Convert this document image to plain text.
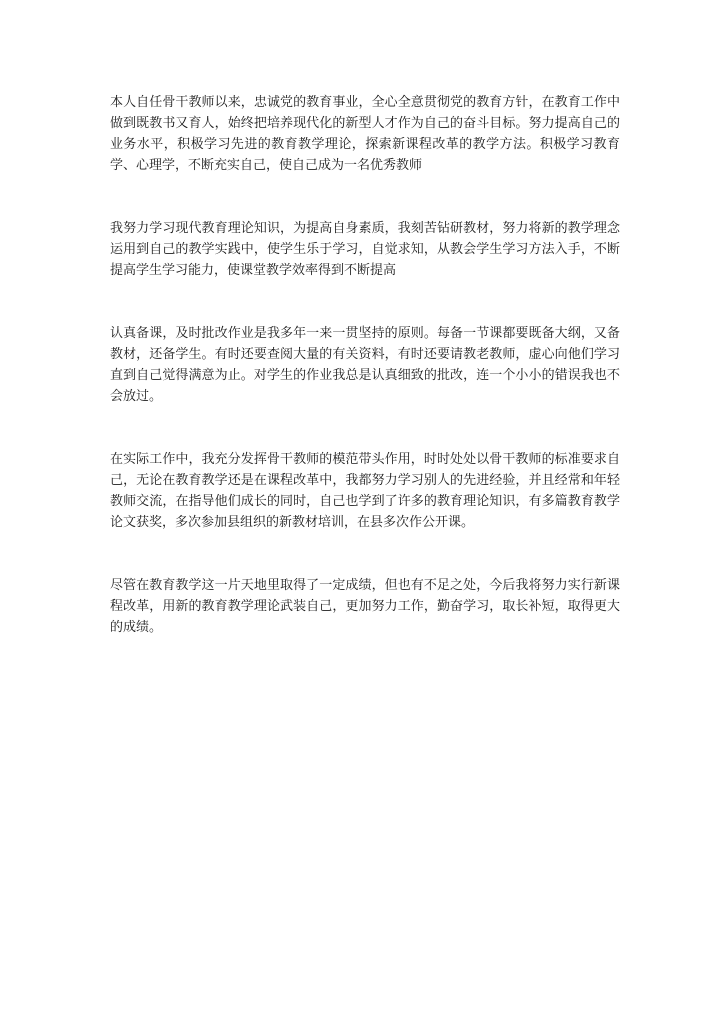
本人自任骨干教师以来，忠诚党的教育事业，全心全意贯彻党的教育方针，在教育工作中做到既教书又育人，始终把培养现代化的新型人才作为自己的奋斗目标。努力提高自己的业务水平，积极学习先进的教育教学理论，探索新课程改革的教学方法。积极学习教育学、心理学，不断充实自己，使自己成为一名优秀教师

我努力学习现代教育理论知识，为提高自身素质，我刻苦钻研教材，努力将新的教学理念运用到自己的教学实践中，使学生乐于学习，自觉求知，从教会学生学习方法入手，不断提高学生学习能力，使课堂教学效率得到不断提高

认真备课，及时批改作业是我多年一来一贯坚持的原则。每备一节课都要既备大纲，又备教材，还备学生。有时还要查阅大量的有关资料，有时还要请教老教师，虚心向他们学习直到自己觉得满意为止。对学生的作业我总是认真细致的批改，连一个小小的错误我也不会放过。

在实际工作中，我充分发挥骨干教师的模范带头作用，时时处处以骨干教师的标准要求自己，无论在教育教学还是在课程改革中，我都努力学习别人的先进经验，并且经常和年轻教师交流，在指导他们成长的同时，自己也学到了许多的教育理论知识，有多篇教育教学论文获奖，多次参加县组织的新教材培训，在县多次作公开课。

尽管在教育教学这一片天地里取得了一定成绩，但也有不足之处，今后我将努力实行新课程改革，用新的教育教学理论武装自己，更加努力工作，勤奋学习，取长补短，取得更大的成绩。
